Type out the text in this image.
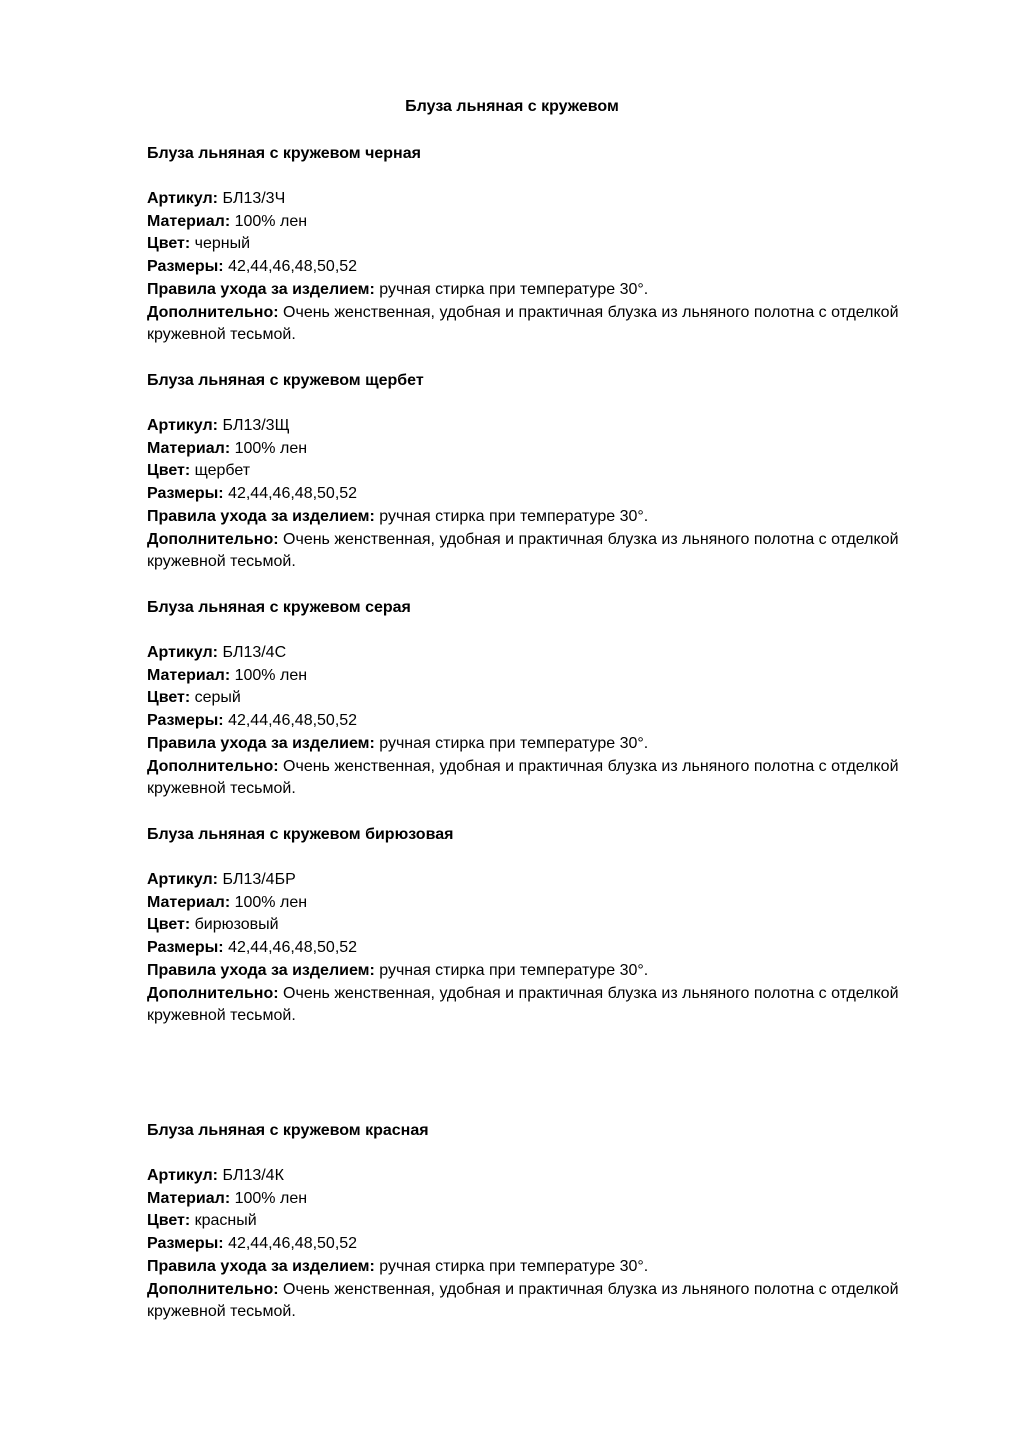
Блуза льняная с кружевом
Блуза льняная с кружевом черная

Артикул: БЛ13/3Ч

Материал: 100% лен

Цвет: черный

Размеры: 42,44,46,48,50,52

Правила ухода за изделием: ручная стирка при температуре 30°.

Дополнительно: Очень женственная, удобная и практичная блузка из льняного полотна с отделкой кружевной тесьмой.

Блуза льняная с кружевом щербет

Артикул: БЛ13/3Щ

Материал: 100% лен

Цвет: щербет

Размеры: 42,44,46,48,50,52

Правила ухода за изделием: ручная стирка при температуре 30°.

Дополнительно: Очень женственная, удобная и практичная блузка из льняного полотна с отделкой кружевной тесьмой.

Блуза льняная с кружевом серая

Артикул: БЛ13/4С

Материал: 100% лен

Цвет: серый

Размеры: 42,44,46,48,50,52

Правила ухода за изделием: ручная стирка при температуре 30°.

Дополнительно: Очень женственная, удобная и практичная блузка из льняного полотна с отделкой кружевной тесьмой.

Блуза льняная с кружевом бирюзовая

Артикул: БЛ13/4БР

Материал: 100% лен

Цвет: бирюзовый

Размеры: 42,44,46,48,50,52

Правила ухода за изделием: ручная стирка при температуре 30°.

Дополнительно: Очень женственная, удобная и практичная блузка из льняного полотна с отделкой кружевной тесьмой.

Блуза льняная с кружевом красная

Артикул: БЛ13/4К

Материал: 100% лен

Цвет: красный

Размеры: 42,44,46,48,50,52

Правила ухода за изделием: ручная стирка при температуре 30°.

Дополнительно: Очень женственная, удобная и практичная блузка из льняного полотна с отделкой кружевной тесьмой.
